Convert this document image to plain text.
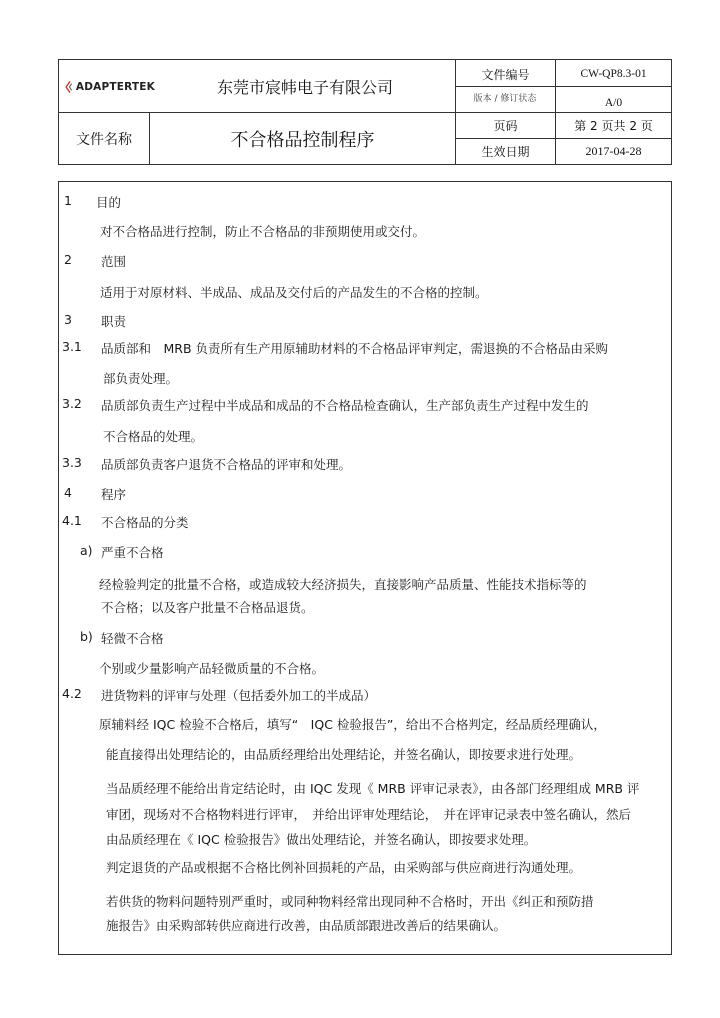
ADAPTERTEK	东莞市宸帏电子有限公司
文件编号	CW-QP8.3-01
版本 / 修订状态	A/0
文件名称	不合格品控制程序
页码	第 2 页共 2 页
生效日期	2017-04-28
1 目的
对不合格品进行控制，防止不合格品的非预期使用或交付。
2 范围
适用于对原材料、半成品、成品及交付后的产品发生的不合格的控制。
3 职责
3.1 品质部和　MRB 负责所有生产用原辅助材料的不合格品评审判定，需退换的不合格品由采购
部负责处理。
3.2 品质部负责生产过程中半成品和成品的不合格品检查确认，生产部负责生产过程中发生的
不合格品的处理。
3.3 品质部负责客户退货不合格品的评审和处理。
4 程序
4.1 不合格品的分类
a) 严重不合格
经检验判定的批量不合格，或造成较大经济损失，直接影响产品质量、性能技术指标等的
不合格；以及客户批量不合格品退货。
b) 轻微不合格
个别或少量影响产品轻微质量的不合格。
4.2 进货物料的评审与处理（包括委外加工的半成品）
原辅料经 IQC 检验不合格后，填写“　IQC 检验报告”，给出不合格判定，经品质经理确认，
能直接得出处理结论的，由品质经理给出处理结论，并签名确认，即按要求进行处理。
当品质经理不能给出肯定结论时，由 IQC 发现《 MRB 评审记录表》，由各部门经理组成 MRB 评
审团，现场对不合格物料进行评审，　并给出评审处理结论，　并在评审记录表中签名确认，然后
由品质经理在《 IQC 检验报告》做出处理结论，并签名确认，即按要求处理。
判定退货的产品或根据不合格比例补回损耗的产品，由采购部与供应商进行沟通处理。
若供货的物料问题特别严重时，或同种物料经常出现同种不合格时，开出《纠正和预防措
施报告》由采购部转供应商进行改善，由品质部跟进改善后的结果确认。
